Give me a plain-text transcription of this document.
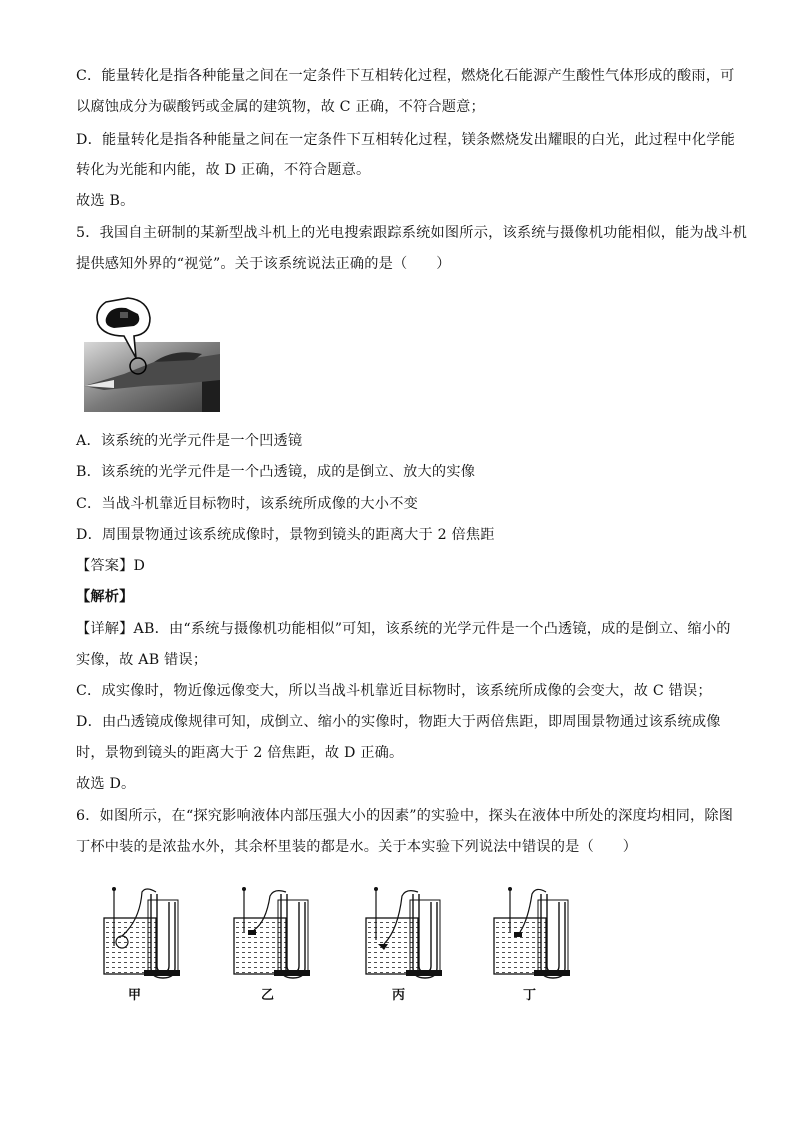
C．能量转化是指各种能量之间在一定条件下互相转化过程，燃烧化石能源产生酸性气体形成的酸雨，可
以腐蚀成分为碳酸钙或金属的建筑物，故 C 正确，不符合题意；
D．能量转化是指各种能量之间在一定条件下互相转化过程，镁条燃烧发出耀眼的白光，此过程中化学能
转化为光能和内能，故 D 正确，不符合题意。
故选 B。
5．我国自主研制的某新型战斗机上的光电搜索跟踪系统如图所示，该系统与摄像机功能相似，能为战斗机
提供感知外界的“视觉”。关于该系统说法正确的是（　　）
A．该系统的光学元件是一个凹透镜
B．该系统的光学元件是一个凸透镜，成的是倒立、放大的实像
C．当战斗机靠近目标物时，该系统所成像的大小不变
D．周围景物通过该系统成像时，景物到镜头的距离大于 2 倍焦距
【答案】D
【解析】
【详解】AB．由“系统与摄像机功能相似”可知，该系统的光学元件是一个凸透镜，成的是倒立、缩小的
实像，故 AB 错误；
C．成实像时，物近像远像变大，所以当战斗机靠近目标物时，该系统所成像的会变大，故 C 错误；
D．由凸透镜成像规律可知，成倒立、缩小的实像时，物距大于两倍焦距，即周围景物通过该系统成像
时，景物到镜头的距离大于 2 倍焦距，故 D 正确。
故选 D。
6．如图所示，在“探究影响液体内部压强大小的因素”的实验中，探头在液体中所处的深度均相同，除图
丁杯中装的是浓盐水外，其余杯里装的都是水。关于本实验下列说法中错误的是（　　）
甲	乙	丙	丁
